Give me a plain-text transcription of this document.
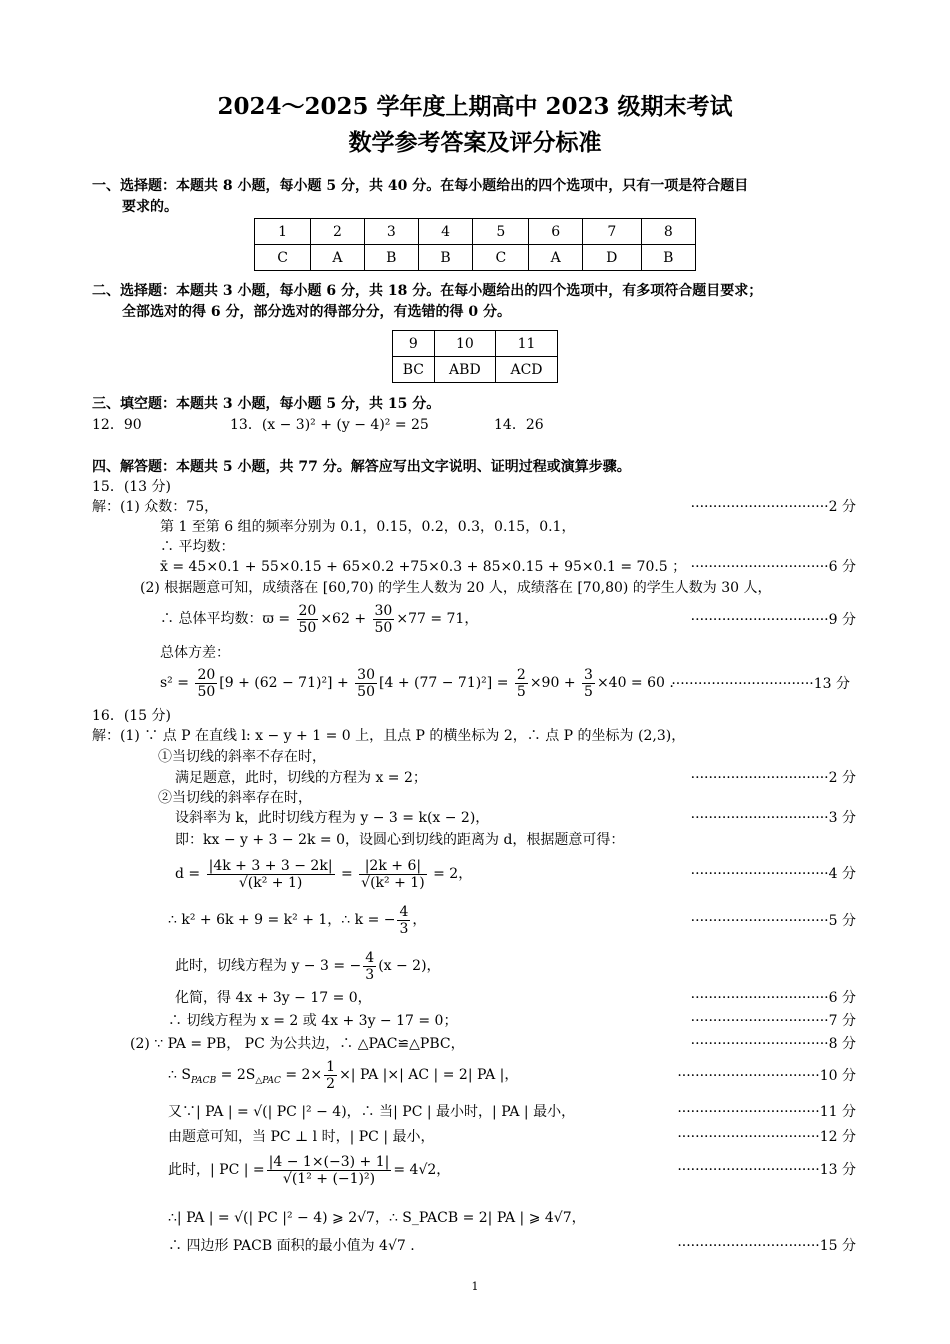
2024～2025 学年度上期高中 2023 级期末考试
数学参考答案及评分标准
一、选择题：本题共 8 小题，每小题 5 分，共 40 分。在每小题给出的四个选项中，只有一项是符合题目
要求的。
1	2	3	4	5	6	7	8
C	A	B	B	C	A	D	B
二、选择题：本题共 3 小题，每小题 6 分，共 18 分。在每小题给出的四个选项中，有多项符合题目要求；
全部选对的得 6 分，部分选对的得部分分，有选错的得 0 分。
9	10	11
BC	ABD	ACD
三、填空题：本题共 3 小题，每小题 5 分，共 15 分。
12．90	13．(x − 3)² + (y − 4)² = 25	14．26
四、解答题：本题共 5 小题，共 77 分。解答应写出文字说明、证明过程或演算步骤。
15．(13 分)
解：(1) 众数：75，	·······························2 分
第 1 至第 6 组的频率分别为 0.1，0.15，0.2，0.3，0.15，0.1，
∴ 平均数：
x̄ = 45×0.1 + 55×0.15 + 65×0.2 +75×0.3 + 85×0.15 + 95×0.1 = 70.5 ； ·······························6 分
(2) 根据题意可知，成绩落在 [60,70) 的学生人数为 20 人，成绩落在 [70,80) 的学生人数为 30 人，
∴ 总体平均数：$ϖ = \frac{20}{50} \times 62 + \frac{30}{50} \times 77 = 71$，	·······························9 分
总体方差：
$s^2 = \frac{20}{50} [9 + (62 - 71)^2] + \frac{30}{50} [4 + (77 - 71)^2] = \frac{2}{5} \times 90 + \frac{3}{5} \times 40 = 60$ .
································13 分
16．(15 分)
解：(1) ∵ 点 P 在直线 l: x − y + 1 = 0 上，且点 P 的横坐标为 2，∴ 点 P 的坐标为 (2,3)，
①当切线的斜率不存在时，
满足题意，此时，切线的方程为 x = 2；	·······························2 分
②当切线的斜率存在时，
设斜率为 k，此时切线方程为 y − 3 = k(x − 2)，	·······························3 分
即：kx − y + 3 − 2k = 0，设圆心到切线的距离为 d，根据题意可得：
$d = \frac{|4k + 3 + 3 - 2k|}{\text{√(k² + 1)}} = \frac{|2k + 6|}{\text{√(k² + 1)}} = 2$，	·······························4 分
∴ k² + 6k + 9 = k² + 1，∴ k = − $\frac{4}{3}$ ，	·······························5 分
此时，切线方程为 y − 3 = − $\frac{4}{3} (x - 2)$，
化简，得 4x + 3y − 17 = 0，	·······························6 分
∴ 切线方程为 x = 2 或 4x + 3y − 17 = 0；	·······························7 分
(2) ∵ PA = PB， PC 为公共边，∴ △PAC≌△PBC，	·······························8 分
∴ $S_{PACB} = 2S_{\triangle PAC} = 2\times \frac{1}{2}$ ×| PA |×| AC | = 2| PA |，	································10 分
又∵| PA | = √(| PC |² − 4)，∴ 当| PC | 最小时，| PA | 最小，	································11 分
由题意可知，当 PC ⊥ l 时，| PC | 最小，	································12 分
此时，| PC | = $\frac{|4 - 1\times(-3) + 1|}{\text{√(1² + (−1)²)}} = 4√2$，	································13 分
∴| PA | = √(| PC |² − 4) ⩾ 2√7，∴ S_PACB = 2| PA | ⩾ 4√7，
∴ 四边形 PACB 面积的最小值为 4√7 .	································15 分
1
